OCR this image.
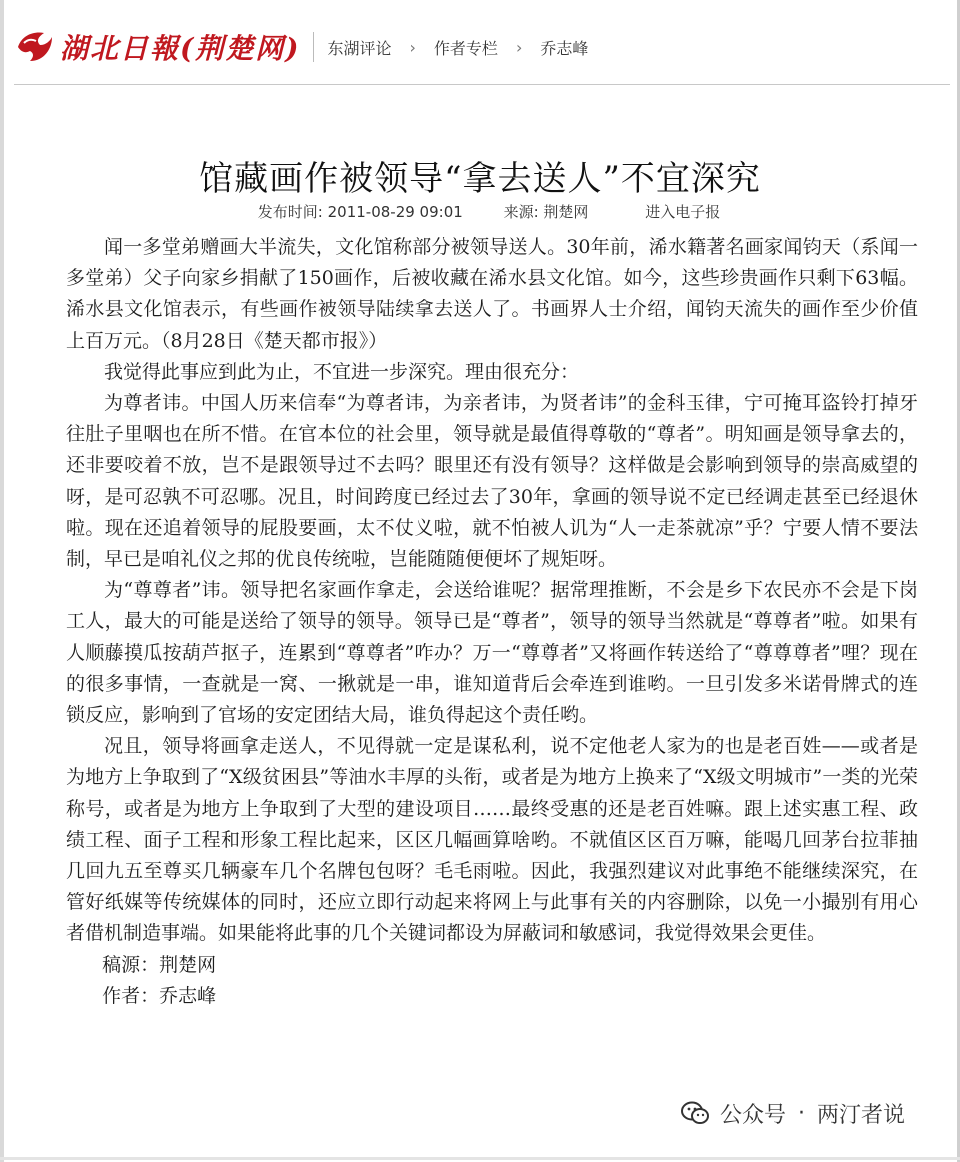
湖北日報(荆楚网) 东湖评论 › 作者专栏 › 乔志峰
馆藏画作被领导“拿去送人”不宜深究
发布时间: 2011-08-29 09:01	来源: 荆楚网	进入电子报

闻一多堂弟赠画大半流失，文化馆称部分被领导送人。30年前，浠水籍著名画家闻钧天（系闻一多堂弟）父子向家乡捐献了150画作，后被收藏在浠水县文化馆。如今，这些珍贵画作只剩下63幅。浠水县文化馆表示，有些画作被领导陆续拿去送人了。书画界人士介绍，闻钧天流失的画作至少价值上百万元。（8月28日《楚天都市报》）

我觉得此事应到此为止，不宜进一步深究。理由很充分：

为尊者讳。中国人历来信奉“为尊者讳，为亲者讳，为贤者讳”的金科玉律，宁可掩耳盗铃打掉牙往肚子里咽也在所不惜。在官本位的社会里，领导就是最值得尊敬的“尊者”。明知画是领导拿去的，还非要咬着不放，岂不是跟领导过不去吗？眼里还有没有领导？这样做是会影响到领导的崇高威望的呀，是可忍孰不可忍哪。况且，时间跨度已经过去了30年，拿画的领导说不定已经调走甚至已经退休啦。现在还追着领导的屁股要画，太不仗义啦，就不怕被人讥为“人一走茶就凉”乎？宁要人情不要法制，早已是咱礼仪之邦的优良传统啦，岂能随随便便坏了规矩呀。

为“尊尊者”讳。领导把名家画作拿走，会送给谁呢？据常理推断，不会是乡下农民亦不会是下岗工人，最大的可能是送给了领导的领导。领导已是“尊者”，领导的领导当然就是“尊尊者”啦。如果有人顺藤摸瓜按葫芦抠子，连累到“尊尊者”咋办？万一“尊尊者”又将画作转送给了“尊尊尊者”哩？现在的很多事情，一查就是一窝、一揪就是一串，谁知道背后会牵连到谁哟。一旦引发多米诺骨牌式的连锁反应，影响到了官场的安定团结大局，谁负得起这个责任哟。

况且，领导将画拿走送人，不见得就一定是谋私利，说不定他老人家为的也是老百姓——或者是为地方上争取到了“X级贫困县”等油水丰厚的头衔，或者是为地方上换来了“X级文明城市”一类的光荣称号，或者是为地方上争取到了大型的建设项目……最终受惠的还是老百姓嘛。跟上述实惠工程、政绩工程、面子工程和形象工程比起来，区区几幅画算啥哟。不就值区区百万嘛，能喝几回茅台拉菲抽几回九五至尊买几辆豪车几个名牌包包呀？毛毛雨啦。因此，我强烈建议对此事绝不能继续深究，在管好纸媒等传统媒体的同时，还应立即行动起来将网上与此事有关的内容删除，以免一小撮别有用心者借机制造事端。如果能将此事的几个关键词都设为屏蔽词和敏感词，我觉得效果会更佳。

稿源：荆楚网

作者：乔志峰

公众号 · 两汀者说
